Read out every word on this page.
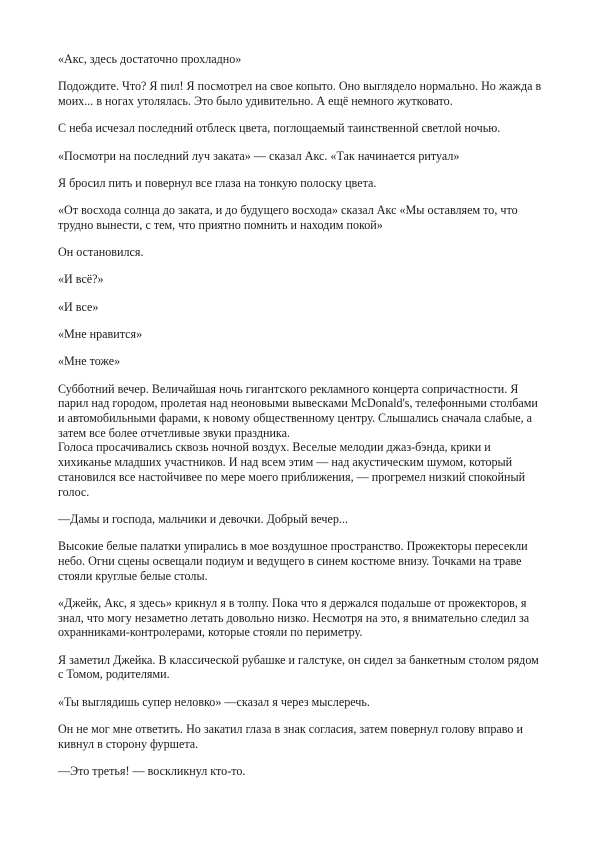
«Акс, здесь достаточно прохладно»

Подождите. Что? Я пил! Я посмотрел на свое копыто. Оно выглядело нормально. Но жажда в моих... в ногах утолялась. Это было удивительно. А ещё немного жутковато.

С неба исчезал последний отблеск цвета, поглощаемый таинственной светлой ночью.

«Посмотри на последний луч заката» — сказал Акс. «Так начинается ритуал»

Я бросил пить и повернул все глаза на тонкую полоску цвета.

«От восхода солнца до заката, и до будущего восхода» сказал Акс «Мы оставляем то, что трудно вынести, с тем, что приятно помнить и находим покой»

Он остановился.

«И всё?»

«И все»

«Мне нравится»

«Мне тоже»

Субботний вечер. Величайшая ночь гигантского рекламного концерта сопричастности. Я парил над городом, пролетая над неоновыми вывесками McDonald's, телефонными столбами и автомобильными фарами, к новому общественному центру. Слышались сначала слабые, а затем все более отчетливые звуки праздника.

Голоса просачивались сквозь ночной воздух. Веселые мелодии джаз-бэнда, крики и хихиканье младших участников. И над всем этим — над акустическим шумом, который становился все настойчивее по мере моего приближения, — прогремел низкий спокойный голос.

—Дамы и господа, мальчики и девочки. Добрый вечер...

Высокие белые палатки упирались в мое воздушное пространство. Прожекторы пересекли небо. Огни сцены освещали подиум и ведущего в синем костюме внизу. Точками на траве стояли круглые белые столы.

«Джейк, Акс, я здесь» крикнул я в толпу. Пока что я держался подальше от прожекторов, я знал, что могу незаметно летать довольно низко. Несмотря на это, я внимательно следил за охранниками-контролерами, которые стояли по периметру.

Я заметил Джейка. В классической рубашке и галстуке, он сидел за банкетным столом рядом с Томом, родителями.

«Ты выглядишь супер неловко» —сказал я через мыслеречь.

Он не мог мне ответить. Но закатил глаза в знак согласия, затем повернул голову вправо и кивнул в сторону фуршета.

—Это третья! — воскликнул кто-то.
